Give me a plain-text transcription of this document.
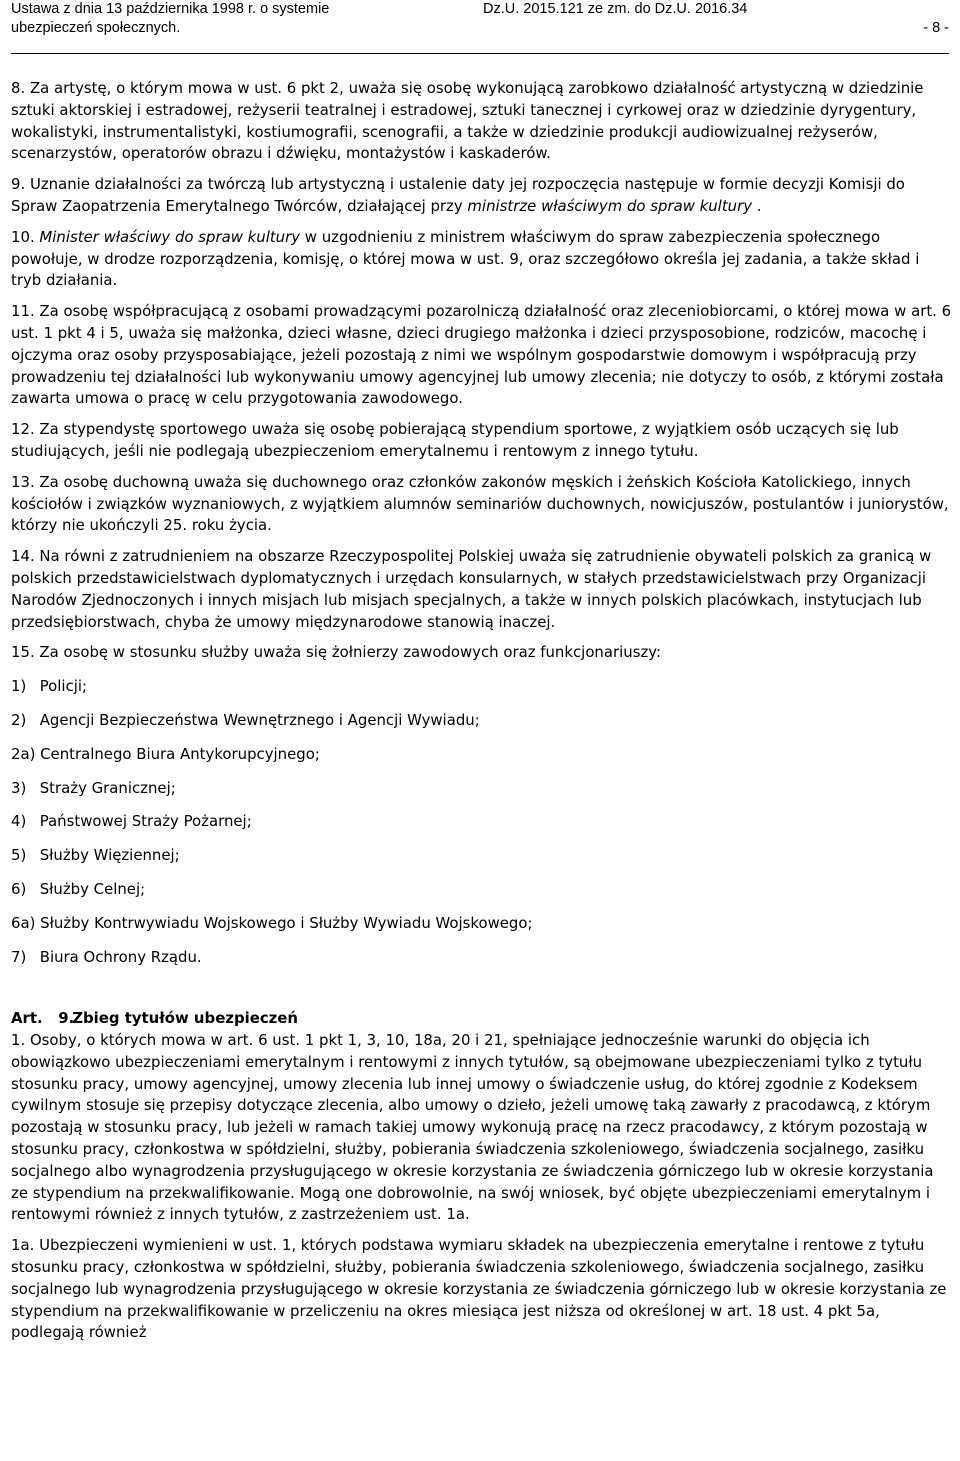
Ustawa z dnia 13 października 1998 r. o systemie
ubezpieczeń społecznych.
Dz.U. 2015.121 ze zm. do Dz.U. 2016.34
- 8 -

8. Za artystę, o którym mowa w ust. 6 pkt 2, uważa się osobę wykonującą zarobkowo działalność artystyczną w dziedzinie sztuki aktorskiej i estradowej, reżyserii teatralnej i estradowej, sztuki tanecznej i cyrkowej oraz w dziedzinie dyrygentury, wokalistyki, instrumentalistyki, kostiumografii, scenografii, a także w dziedzinie produkcji audiowizualnej reżyserów, scenarzystów, operatorów obrazu i dźwięku, montażystów i kaskaderów.

9. Uznanie działalności za twórczą lub artystyczną i ustalenie daty jej rozpoczęcia następuje w formie decyzji Komisji do Spraw Zaopatrzenia Emerytalnego Twórców, działającej przy ministrze właściwym do spraw kultury .

10. Minister właściwy do spraw kultury w uzgodnieniu z ministrem właściwym do spraw zabezpieczenia społecznego powołuje, w drodze rozporządzenia, komisję, o której mowa w ust. 9, oraz szczegółowo określa jej zadania, a także skład i tryb działania.

11. Za osobę współpracującą z osobami prowadzącymi pozarolniczą działalność oraz zleceniobiorcami, o której mowa w art. 6 ust. 1 pkt 4 i 5, uważa się małżonka, dzieci własne, dzieci drugiego małżonka i dzieci przysposobione, rodziców, macochę i ojczyma oraz osoby przysposabiające, jeżeli pozostają z nimi we wspólnym gospodarstwie domowym i współpracują przy prowadzeniu tej działalności lub wykonywaniu umowy agencyjnej lub umowy zlecenia; nie dotyczy to osób, z którymi została zawarta umowa o pracę w celu przygotowania zawodowego.

12. Za stypendystę sportowego uważa się osobę pobierającą stypendium sportowe, z wyjątkiem osób uczących się lub studiujących, jeśli nie podlegają ubezpieczeniom emerytalnemu i rentowym z innego tytułu.

13. Za osobę duchowną uważa się duchownego oraz członków zakonów męskich i żeńskich Kościoła Katolickiego, innych kościołów i związków wyznaniowych, z wyjątkiem alumnów seminariów duchownych, nowicjuszów, postulantów i juniorystów, którzy nie ukończyli 25. roku życia.

14. Na równi z zatrudnieniem na obszarze Rzeczypospolitej Polskiej uważa się zatrudnienie obywateli polskich za granicą w polskich przedstawicielstwach dyplomatycznych i urzędach konsularnych, w stałych przedstawicielstwach przy Organizacji Narodów Zjednoczonych i innych misjach lub misjach specjalnych, a także w innych polskich placówkach, instytucjach lub przedsiębiorstwach, chyba że umowy międzynarodowe stanowią inaczej.

15. Za osobę w stosunku służby uważa się żołnierzy zawodowych oraz funkcjonariuszy:

1) Policji;
2) Agencji Bezpieczeństwa Wewnętrznego i Agencji Wywiadu;
2a) Centralnego Biura Antykorupcyjnego;
3) Straży Granicznej;
4) Państwowej Straży Pożarnej;
5) Służby Więziennej;
6) Służby Celnej;
6a) Służby Kontrwywiadu Wojskowego i Służby Wywiadu Wojskowego;
7) Biura Ochrony Rządu.

Art. 9. Zbieg tytułów ubezpieczeń

1. Osoby, o których mowa w art. 6 ust. 1 pkt 1, 3, 10, 18a, 20 i 21, spełniające jednocześnie warunki do objęcia ich obowiązkowo ubezpieczeniami emerytalnym i rentowymi z innych tytułów, są obejmowane ubezpieczeniami tylko z tytułu stosunku pracy, umowy agencyjnej, umowy zlecenia lub innej umowy o świadczenie usług, do której zgodnie z Kodeksem cywilnym stosuje się przepisy dotyczące zlecenia, albo umowy o dzieło, jeżeli umowę taką zawarły z pracodawcą, z którym pozostają w stosunku pracy, lub jeżeli w ramach takiej umowy wykonują pracę na rzecz pracodawcy, z którym pozostają w stosunku pracy, członkostwa w spółdzielni, służby, pobierania świadczenia szkoleniowego, świadczenia socjalnego, zasiłku socjalnego albo wynagrodzenia przysługującego w okresie korzystania ze świadczenia górniczego lub w okresie korzystania ze stypendium na przekwalifikowanie. Mogą one dobrowolnie, na swój wniosek, być objęte ubezpieczeniami emerytalnym i rentowymi również z innych tytułów, z zastrzeżeniem ust. 1a.

1a. Ubezpieczeni wymienieni w ust. 1, których podstawa wymiaru składek na ubezpieczenia emerytalne i rentowe z tytułu stosunku pracy, członkostwa w spółdzielni, służby, pobierania świadczenia szkoleniowego, świadczenia socjalnego, zasiłku socjalnego lub wynagrodzenia przysługującego w okresie korzystania ze świadczenia górniczego lub w okresie korzystania ze stypendium na przekwalifikowanie w przeliczeniu na okres miesiąca jest niższa od określonej w art. 18 ust. 4 pkt 5a, podlegają również
